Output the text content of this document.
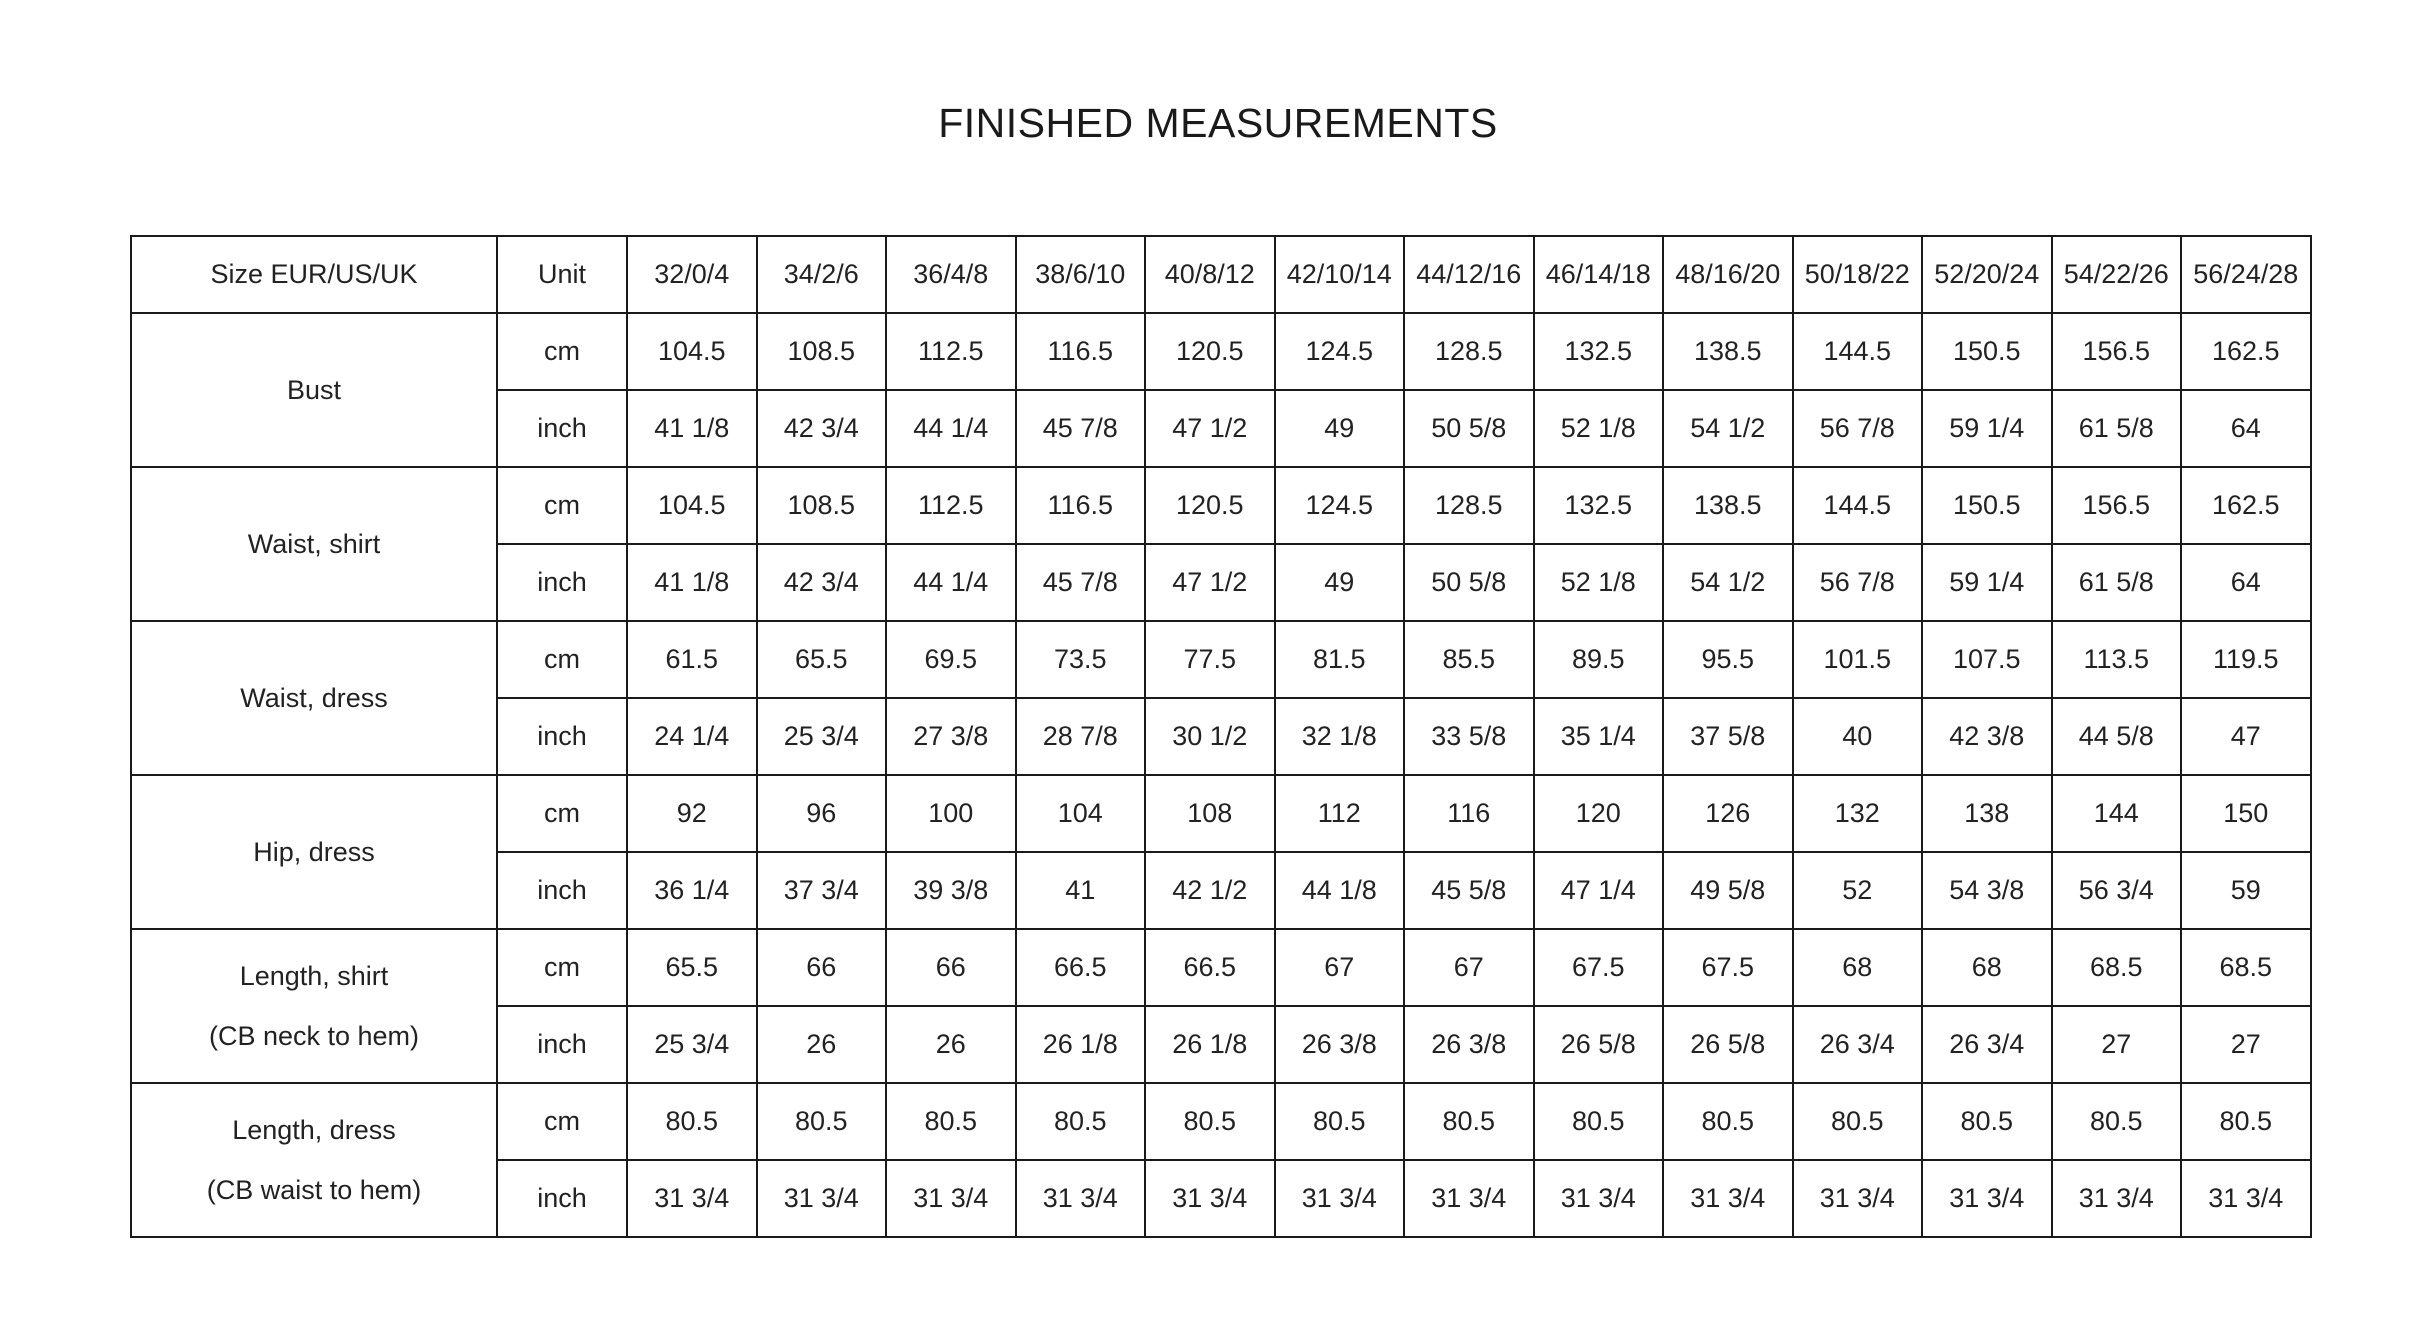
FINISHED MEASUREMENTS
Size EUR/US/UK	Unit	32/0/4	34/2/6	36/4/8	38/6/10	40/8/12	42/10/14	44/12/16	46/14/18	48/16/20	50/18/22	52/20/24	54/22/26	56/24/28

Bust	cm	104.5	108.5	112.5	116.5	120.5	124.5	128.5	132.5	138.5	144.5	150.5	156.5	162.5
	inch	41 1/8	42 3/4	44 1/4	45 7/8	47 1/2	49	50 5/8	52 1/8	54 1/2	56 7/8	59 1/4	61 5/8	64

Waist, shirt	cm	104.5	108.5	112.5	116.5	120.5	124.5	128.5	132.5	138.5	144.5	150.5	156.5	162.5
	inch	41 1/8	42 3/4	44 1/4	45 7/8	47 1/2	49	50 5/8	52 1/8	54 1/2	56 7/8	59 1/4	61 5/8	64

Waist, dress	cm	61.5	65.5	69.5	73.5	77.5	81.5	85.5	89.5	95.5	101.5	107.5	113.5	119.5
	inch	24 1/4	25 3/4	27 3/8	28 7/8	30 1/2	32 1/8	33 5/8	35 1/4	37 5/8	40	42 3/8	44 5/8	47

Hip, dress	cm	92	96	100	104	108	112	116	120	126	132	138	144	150
	inch	36 1/4	37 3/4	39 3/8	41	42 1/2	44 1/8	45 5/8	47 1/4	49 5/8	52	54 3/8	56 3/4	59

Length, shirt
(CB neck to hem)	cm	65.5	66	66	66.5	66.5	67	67	67.5	67.5	68	68	68.5	68.5
	inch	25 3/4	26	26	26 1/8	26 1/8	26 3/8	26 3/8	26 5/8	26 5/8	26 3/4	26 3/4	27	27

Length, dress
(CB waist to hem)	cm	80.5	80.5	80.5	80.5	80.5	80.5	80.5	80.5	80.5	80.5	80.5	80.5	80.5
	inch	31 3/4	31 3/4	31 3/4	31 3/4	31 3/4	31 3/4	31 3/4	31 3/4	31 3/4	31 3/4	31 3/4	31 3/4	31 3/4
